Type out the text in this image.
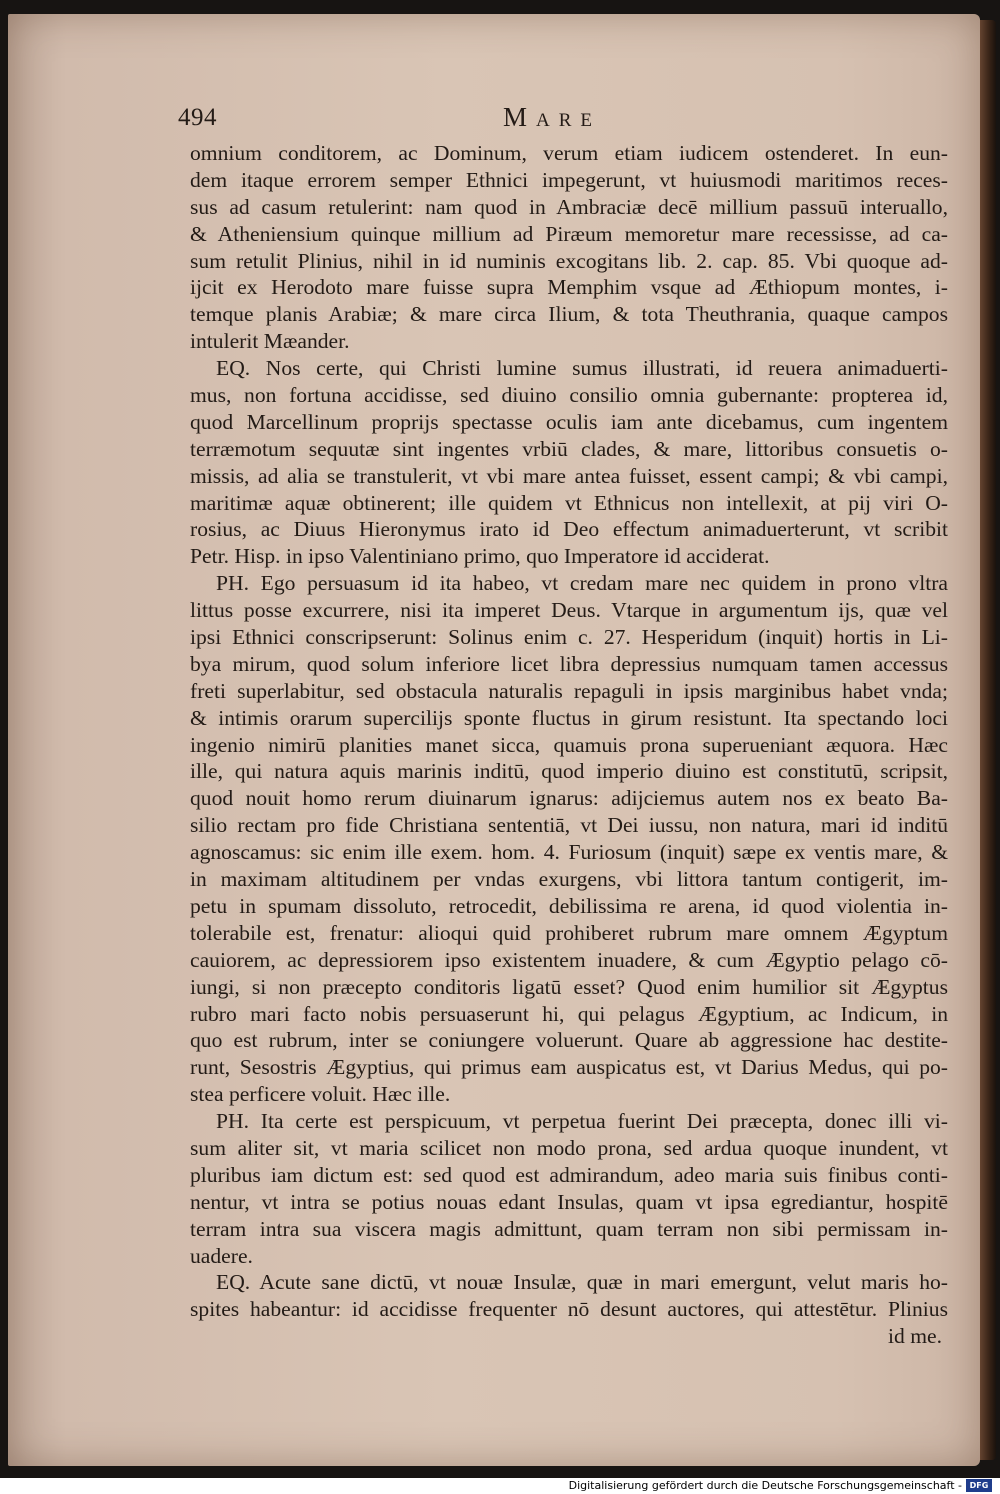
494	Mare
omnium conditorem, ac Dominum, verum etiam iudicem ostenderet. In eun-
dem itaque errorem semper Ethnici impegerunt, vt huiusmodi maritimos reces-
sus ad casum retulerint: nam quod in Ambraciæ decē millium passuū interuallo,
& Atheniensium quinque millium ad Piræum memoretur mare recessisse, ad ca-
sum retulit Plinius, nihil in id numinis excogitans lib. 2. cap. 85. Vbi quoque ad-
ijcit ex Herodoto mare fuisse supra Memphim vsque ad Æthiopum montes, i-
temque planis Arabiæ; & mare circa Ilium, & tota Theuthrania, quaque campos
intulerit Mæander.
EQ. Nos certe, qui Christi lumine sumus illustrati, id reuera animaduerti-
mus, non fortuna accidisse, sed diuino consilio omnia gubernante: propterea id,
quod Marcellinum proprijs spectasse oculis iam ante dicebamus, cum ingentem
terræmotum sequutæ sint ingentes vrbiū clades, & mare, littoribus consuetis o-
missis, ad alia se transtulerit, vt vbi mare antea fuisset, essent campi; & vbi campi,
maritimæ aquæ obtinerent; ille quidem vt Ethnicus non intellexit, at pij viri O-
rosius, ac Diuus Hieronymus irato id Deo effectum animaduerterunt, vt scribit
Petr. Hisp. in ipso Valentiniano primo, quo Imperatore id acciderat.
PH. Ego persuasum id ita habeo, vt credam mare nec quidem in prono vltra
littus posse excurrere, nisi ita imperet Deus. Vtarque in argumentum ijs, quæ vel
ipsi Ethnici conscripserunt: Solinus enim c. 27. Hesperidum (inquit) hortis in Li-
bya mirum, quod solum inferiore licet libra depressius numquam tamen accessus
freti superlabitur, sed obstacula naturalis repaguli in ipsis marginibus habet vnda;
& intimis orarum supercilijs sponte fluctus in girum resistunt. Ita spectando loci
ingenio nimirū planities manet sicca, quamuis prona superueniant æquora. Hæc
ille, qui natura aquis marinis inditū, quod imperio diuino est constitutū, scripsit,
quod nouit homo rerum diuinarum ignarus: adijciemus autem nos ex beato Ba-
silio rectam pro fide Christiana sententiā, vt Dei iussu, non natura, mari id inditū
agnoscamus: sic enim ille exem. hom. 4. Furiosum (inquit) sæpe ex ventis mare, &
in maximam altitudinem per vndas exurgens, vbi littora tantum contigerit, im-
petu in spumam dissoluto, retrocedit, debilissima re arena, id quod violentia in-
tolerabile est, frenatur: alioqui quid prohiberet rubrum mare omnem Ægyptum
cauiorem, ac depressiorem ipso existentem inuadere, & cum Ægyptio pelago cō-
iungi, si non præcepto conditoris ligatū esset? Quod enim humilior sit Ægyptus
rubro mari facto nobis persuaserunt hi, qui pelagus Ægyptium, ac Indicum, in
quo est rubrum, inter se coniungere voluerunt. Quare ab aggressione hac destite-
runt, Sesostris Ægyptius, qui primus eam auspicatus est, vt Darius Medus, qui po-
stea perficere voluit. Hæc ille.
PH. Ita certe est perspicuum, vt perpetua fuerint Dei præcepta, donec illi vi-
sum aliter sit, vt maria scilicet non modo prona, sed ardua quoque inundent, vt
pluribus iam dictum est: sed quod est admirandum, adeo maria suis finibus conti-
nentur, vt intra se potius nouas edant Insulas, quam vt ipsa egrediantur, hospitē
terram intra sua viscera magis admittunt, quam terram non sibi permissam in-
uadere.
EQ. Acute sane dictū, vt nouæ Insulæ, quæ in mari emergunt, velut maris ho-
spites habeantur: id accidisse frequenter nō desunt auctores, qui attestētur. Plinius
id me.
Digitalisierung gefördert durch die Deutsche Forschungsgemeinschaft - DFG
